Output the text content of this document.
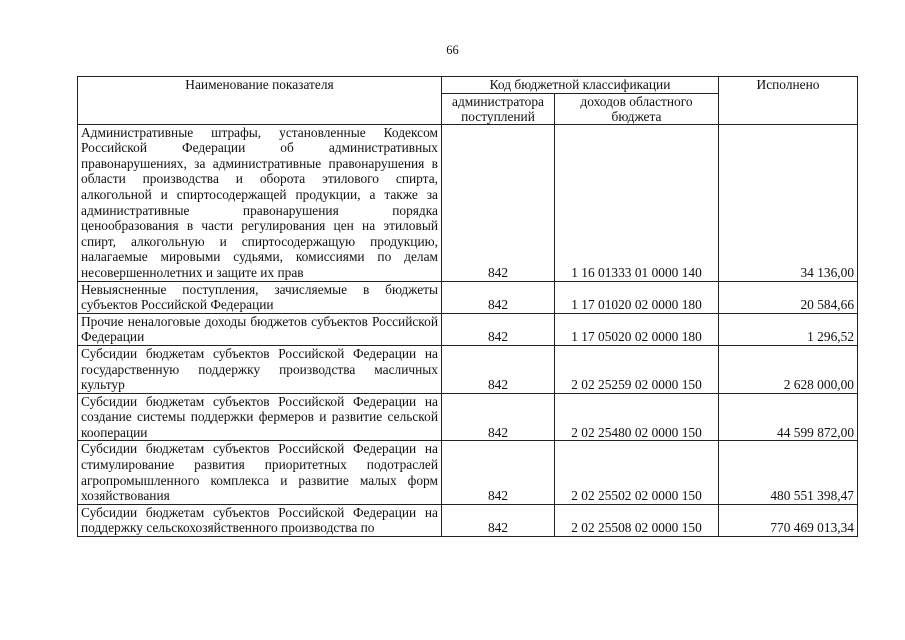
66
Наименование показателя	Код бюджетной классификации		Исполнено
	администратора поступлений	доходов областного бюджета	
Административные штрафы, установленные Кодексом Российской Федерации об административных правонарушениях, за административные правонарушения в области производства и оборота этилового спирта, алкогольной и спиртосодержащей продукции, а также за административные правонарушения порядка ценообразования в части регулирования цен на этиловый спирт, алкогольную и спиртосодержащую продукцию, налагаемые мировыми судьями, комиссиями по делам несовершеннолетних и защите их прав	842	1 16 01333 01 0000 140	34 136,00
Невыясненные поступления, зачисляемые в бюджеты субъектов Российской Федерации	842	1 17 01020 02 0000 180	20 584,66
Прочие неналоговые доходы бюджетов субъектов Российской Федерации	842	1 17 05020 02 0000 180	1 296,52
Субсидии бюджетам субъектов Российской Федерации на государственную поддержку производства масличных культур	842	2 02 25259 02 0000 150	2 628 000,00
Субсидии бюджетам субъектов Российской Федерации на создание системы поддержки фермеров и развитие сельской кооперации	842	2 02 25480 02 0000 150	44 599 872,00
Субсидии бюджетам субъектов Российской Федерации на стимулирование развития приоритетных подотраслей агропромышленного комплекса и развитие малых форм хозяйствования	842	2 02 25502 02 0000 150	480 551 398,47
Субсидии бюджетам субъектов Российской Федерации на поддержку сельскохозяйственного производства по	842	2 02 25508 02 0000 150	770 469 013,34
